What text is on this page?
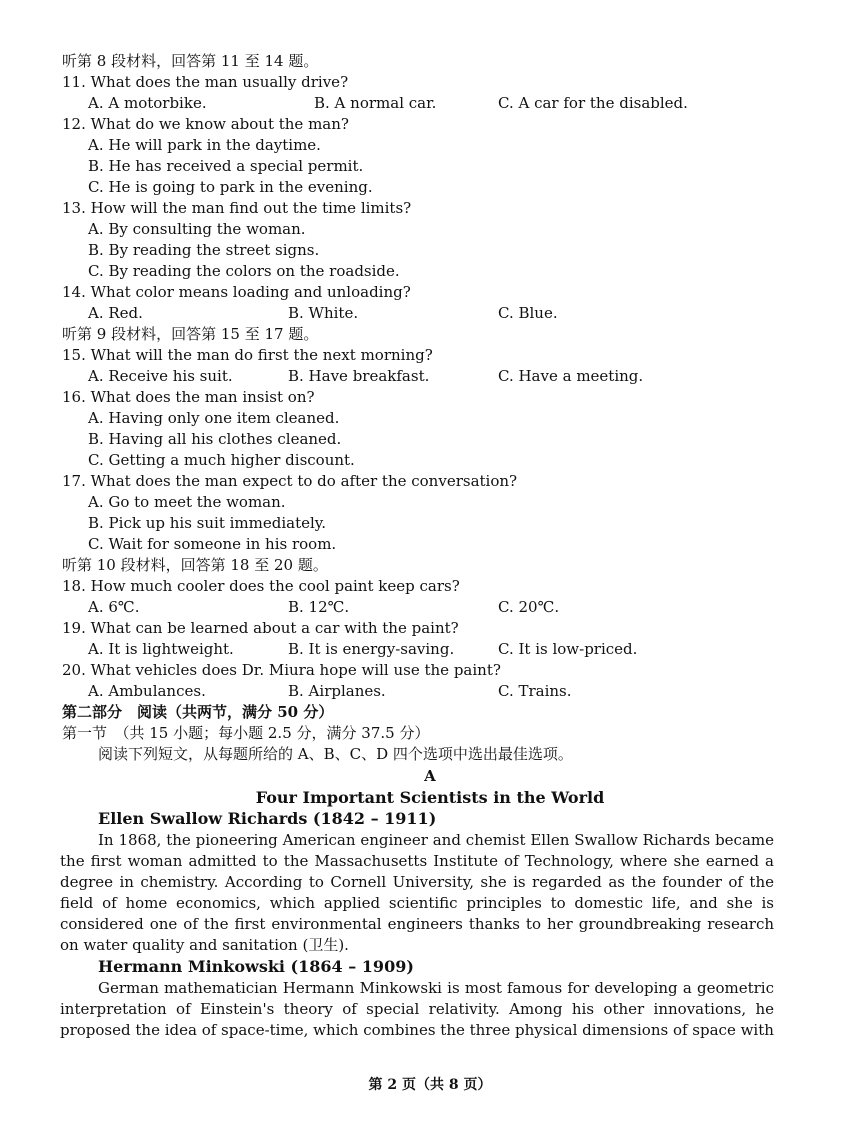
听第 8 段材料，回答第 11 至 14 题。
11. What does the man usually drive?
A. A motorbike.	B. A normal car.	C. A car for the disabled.
12. What do we know about the man?
A. He will park in the daytime.
B. He has received a special permit.
C. He is going to park in the evening.
13. How will the man find out the time limits?
A. By consulting the woman.
B. By reading the street signs.
C. By reading the colors on the roadside.
14. What color means loading and unloading?
A. Red.	B. White.	C. Blue.
听第 9 段材料，回答第 15 至 17 题。
15. What will the man do first the next morning?
A. Receive his suit.	B. Have breakfast.	C. Have a meeting.
16. What does the man insist on?
A. Having only one item cleaned.
B. Having all his clothes cleaned.
C. Getting a much higher discount.
17. What does the man expect to do after the conversation?
A. Go to meet the woman.
B. Pick up his suit immediately.
C. Wait for someone in his room.
听第 10 段材料，回答第 18 至 20 题。
18. How much cooler does the cool paint keep cars?
A. 6℃.	B. 12℃.	C. 20℃.
19. What can be learned about a car with the paint?
A. It is lightweight.	B. It is energy-saving.	C. It is low-priced.
20. What vehicles does Dr. Miura hope will use the paint?
A. Ambulances.	B. Airplanes.	C. Trains.
第二部分　阅读（共两节，满分 50 分）
第一节　（共 15 小题；每小题 2.5 分，满分 37.5 分）
阅读下列短文，从每题所给的 A、B、C、D 四个选项中选出最佳选项。
A
Four Important Scientists in the World
Ellen Swallow Richards (1842 – 1911)

In 1868, the pioneering American engineer and chemist Ellen Swallow Richards became the first woman admitted to the Massachusetts Institute of Technology, where she earned a degree in chemistry. According to Cornell University, she is regarded as the founder of the field of home economics, which applied scientific principles to domestic life, and she is considered one of the first environmental engineers thanks to her groundbreaking research on water quality and sanitation (卫生).

Hermann Minkowski (1864 – 1909)

German mathematician Hermann Minkowski is most famous for developing a geometric interpretation of Einstein's theory of special relativity. Among his other innovations, he proposed the idea of space-time, which combines the three physical dimensions of space with

第 2 页（共 8 页）
